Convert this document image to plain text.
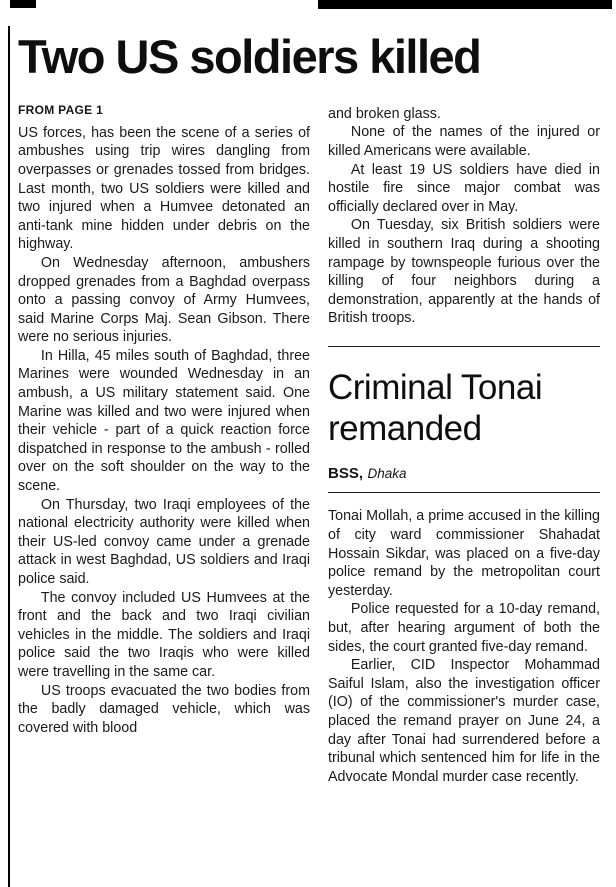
Two US soldiers killed
FROM PAGE 1

US forces, has been the scene of a series of ambushes using trip wires dangling from overpasses or grenades tossed from bridges. Last month, two US soldiers were killed and two injured when a Humvee detonated an anti-tank mine hidden under debris on the highway.

On Wednesday afternoon, ambushers dropped grenades from a Baghdad overpass onto a passing convoy of Army Humvees, said Marine Corps Maj. Sean Gibson. There were no serious injuries.

In Hilla, 45 miles south of Baghdad, three Marines were wounded Wednesday in an ambush, a US military statement said. One Marine was killed and two were injured when their vehicle - part of a quick reaction force dispatched in response to the ambush - rolled over on the soft shoulder on the way to the scene.

On Thursday, two Iraqi employees of the national electricity authority were killed when their US-led convoy came under a grenade attack in west Baghdad, US soldiers and Iraqi police said.

The convoy included US Humvees at the front and the back and two Iraqi civilian vehicles in the middle. The soldiers and Iraqi police said the two Iraqis who were killed were travelling in the same car.

US troops evacuated the two bodies from the badly damaged vehicle, which was covered with blood

and broken glass.

None of the names of the injured or killed Americans were available.

At least 19 US soldiers have died in hostile fire since major combat was officially declared over in May.

On Tuesday, six British soldiers were killed in southern Iraq during a shooting rampage by townspeople furious over the killing of four neighbors during a demonstration, apparently at the hands of British troops.

Criminal Tonai remanded
BSS, Dhaka

Tonai Mollah, a prime accused in the killing of city ward commissioner Shahadat Hossain Sikdar, was placed on a five-day police remand by the metropolitan court yesterday.

Police requested for a 10-day remand, but, after hearing argument of both the sides, the court granted five-day remand.

Earlier, CID Inspector Mohammad Saiful Islam, also the investigation officer (IO) of the commissioner's murder case, placed the remand prayer on June 24, a day after Tonai had surrendered before a tribunal which sentenced him for life in the Advocate Mondal murder case recently.
